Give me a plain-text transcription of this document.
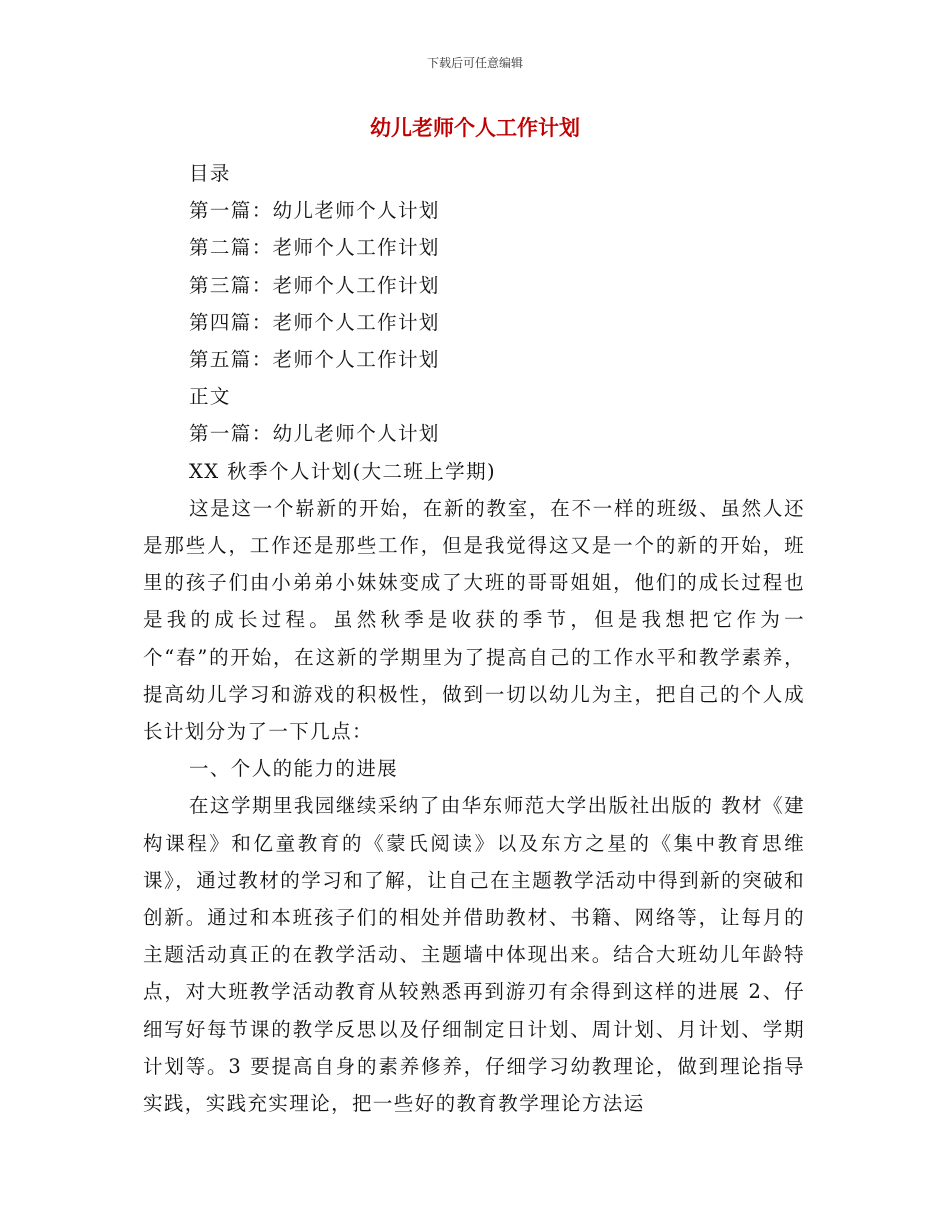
下载后可任意编辑
幼儿老师个人工作计划
目录
第一篇：幼儿老师个人计划
第二篇：老师个人工作计划
第三篇：老师个人工作计划
第四篇：老师个人工作计划
第五篇：老师个人工作计划
正文
第一篇：幼儿老师个人计划
XX 秋季个人计划(大二班上学期)

这是这一个崭新的开始，在新的教室，在不一样的班级、虽然人还是那些人，工作还是那些工作，但是我觉得这又是一个的新的开始，班里的孩子们由小弟弟小妹妹变成了大班的哥哥姐姐，他们的成长过程也是我的成长过程。虽然秋季是收获的季节，但是我想把它作为一个“春”的开始，在这新的学期里为了提高自己的工作水平和教学素养，提高幼儿学习和游戏的积极性，做到一切以幼儿为主，把自己的个人成长计划分为了一下几点：

一、个人的能力的进展

在这学期里我园继续采纳了由华东师范大学出版社出版的 教材《建构课程》和亿童教育的《蒙氏阅读》以及东方之星的《集中教育思维课》，通过教材的学习和了解，让自己在主题教学活动中得到新的突破和创新。通过和本班孩子们的相处并借助教材、书籍、网络等，让每月的主题活动真正的在教学活动、主题墙中体现出来。结合大班幼儿年龄特点，对大班教学活动教育从较熟悉再到游刃有余得到这样的进展 2、仔细写好每节课的教学反思以及仔细制定日计划、周计划、月计划、学期计划等。3 要提高自身的素养修养，仔细学习幼教理论，做到理论指导实践，实践充实理论，把一些好的教育教学理论方法运
